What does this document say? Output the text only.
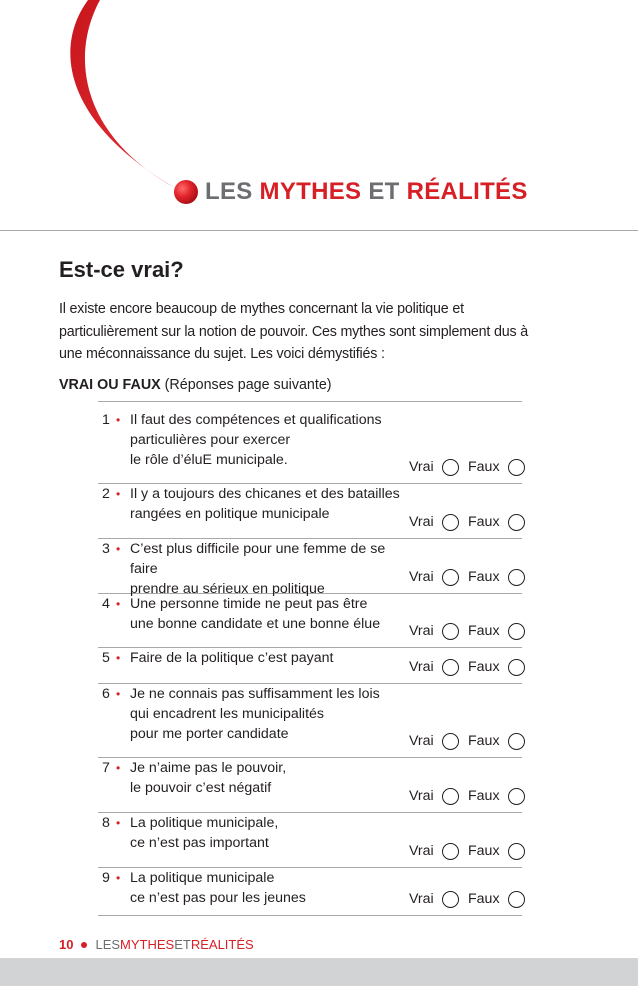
LES MYTHES ET RÉALITÉS
Est-ce vrai?
Il existe encore beaucoup de mythes concernant la vie politique et particulièrement sur la notion de pouvoir. Ces mythes sont simplement dus à une méconnaissance du sujet. Les voici démystifiés :
VRAI OU FAUX (Réponses page suivante)
1 • Il faut des compétences et qualifications
particulières pour exercer
le rôle d’éluE municipale.	Vrai Faux
2 • Il y a toujours des chicanes et des batailles
rangées en politique municipale	Vrai Faux
3 • C’est plus difficile pour une femme de se faire
prendre au sérieux en politique
Vrai Faux
4 • Une personne timide ne peut pas être
une bonne candidate et une bonne élue	Vrai Faux
5 • Faire de la politique c’est payant
Vrai Faux
6 • Je ne connais pas suffisamment les lois
qui encadrent les municipalités
pour me porter candidate	Vrai Faux
7 • Je n’aime pas le pouvoir,
le pouvoir c’est négatif	Vrai Faux
8 • La politique municipale,
ce n’est pas important	Vrai Faux
9 • La politique municipale
ce n’est pas pour les jeunes	Vrai Faux
10 LES MYTHES ET RÉALITÉS
